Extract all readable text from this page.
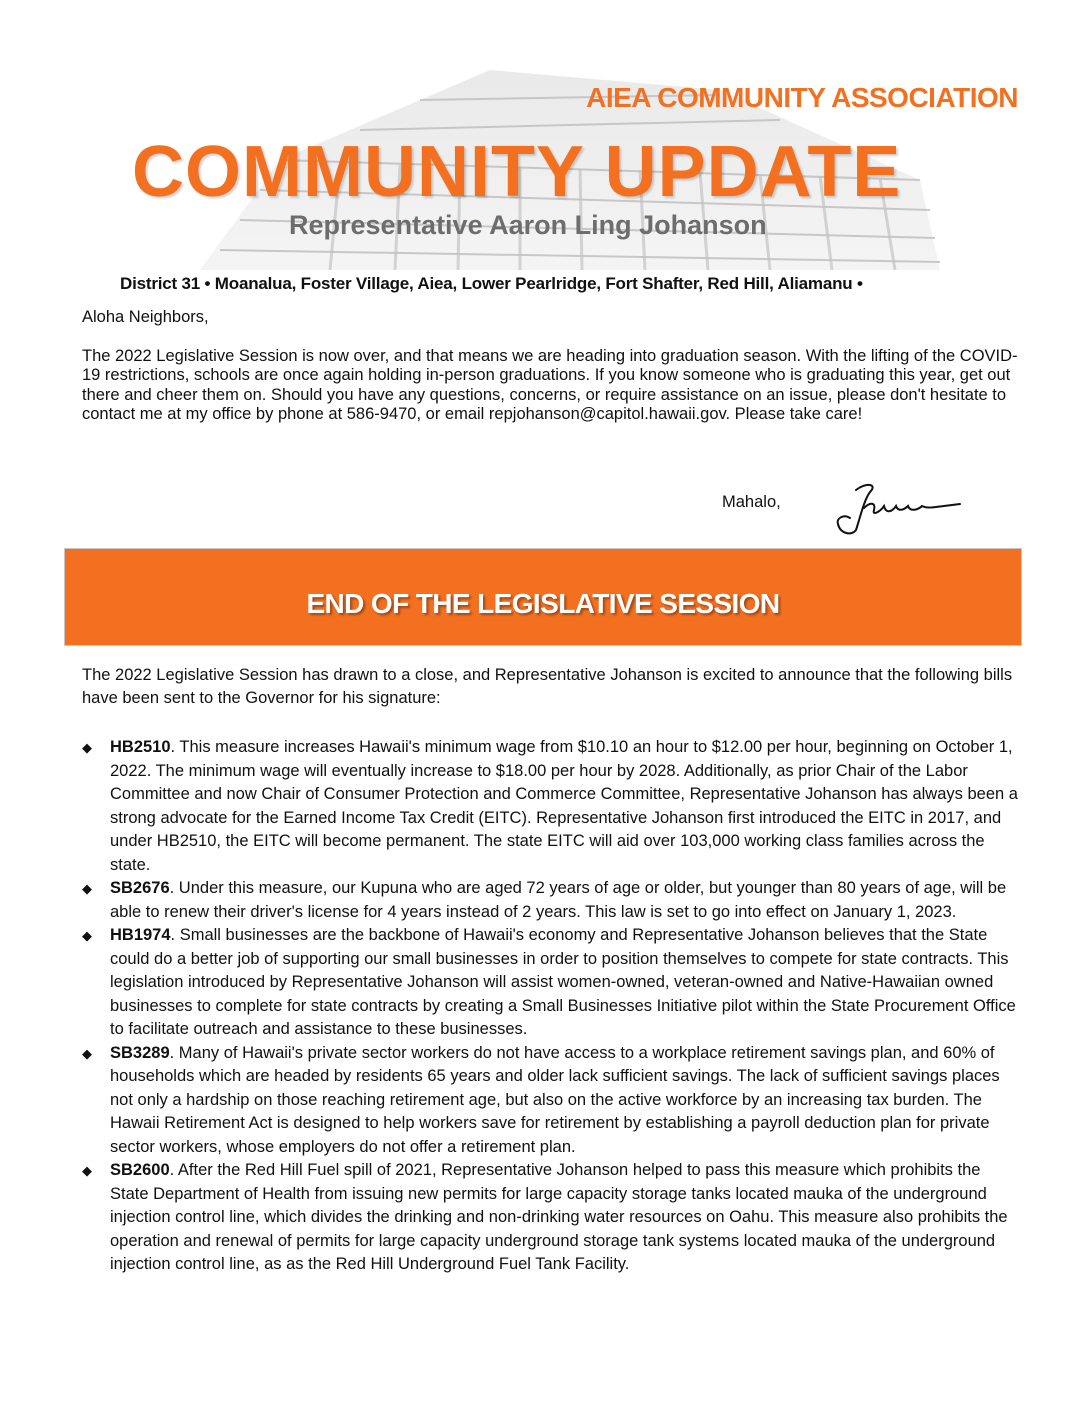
AIEA COMMUNITY ASSOCIATION
COMMUNITY UPDATE
Representative Aaron Ling Johanson
District 31 • Moanalua, Foster Village, Aiea, Lower Pearlridge, Fort Shafter, Red Hill, Aliamanu •

Aloha Neighbors,

The 2022 Legislative Session is now over, and that means we are heading into graduation season. With the lifting of the COVID-19 restrictions, schools are once again holding in-person graduations. If you know someone who is graduating this year, get out there and cheer them on. Should you have any questions, concerns, or require assistance on an issue, please don't hesitate to contact me at my office by phone at 586-9470, or email repjohanson@capitol.hawaii.gov. Please take care!

Mahalo,
END OF THE LEGISLATIVE SESSION

The 2022 Legislative Session has drawn to a close, and Representative Johanson is excited to announce that the following bills have been sent to the Governor for his signature:

◆ HB2510. This measure increases Hawaii's minimum wage from $10.10 an hour to $12.00 per hour, beginning on October 1, 2022. The minimum wage will eventually increase to $18.00 per hour by 2028. Additionally, as prior Chair of the Labor Committee and now Chair of Consumer Protection and Commerce Committee, Representative Johanson has always been a strong advocate for the Earned Income Tax Credit (EITC). Representative Johanson first introduced the EITC in 2017, and under HB2510, the EITC will become permanent. The state EITC will aid over 103,000 working class families across the state.
◆ SB2676. Under this measure, our Kupuna who are aged 72 years of age or older, but younger than 80 years of age, will be able to renew their driver's license for 4 years instead of 2 years. This law is set to go into effect on January 1, 2023.
◆ HB1974. Small businesses are the backbone of Hawaii's economy and Representative Johanson believes that the State could do a better job of supporting our small businesses in order to position themselves to compete for state contracts. This legislation introduced by Representative Johanson will assist women-owned, veteran-owned and Native-Hawaiian owned businesses to complete for state contracts by creating a Small Businesses Initiative pilot within the State Procurement Office to facilitate outreach and assistance to these businesses.
◆ SB3289. Many of Hawaii's private sector workers do not have access to a workplace retirement savings plan, and 60% of households which are headed by residents 65 years and older lack sufficient savings. The lack of sufficient savings places not only a hardship on those reaching retirement age, but also on the active workforce by an increasing tax burden. The Hawaii Retirement Act is designed to help workers save for retirement by establishing a payroll deduction plan for private sector workers, whose employers do not offer a retirement plan.
◆ SB2600. After the Red Hill Fuel spill of 2021, Representative Johanson helped to pass this measure which prohibits the State Department of Health from issuing new permits for large capacity storage tanks located mauka of the underground injection control line, which divides the drinking and non-drinking water resources on Oahu. This measure also prohibits the operation and renewal of permits for large capacity underground storage tank systems located mauka of the underground injection control line, as as the Red Hill Underground Fuel Tank Facility.
